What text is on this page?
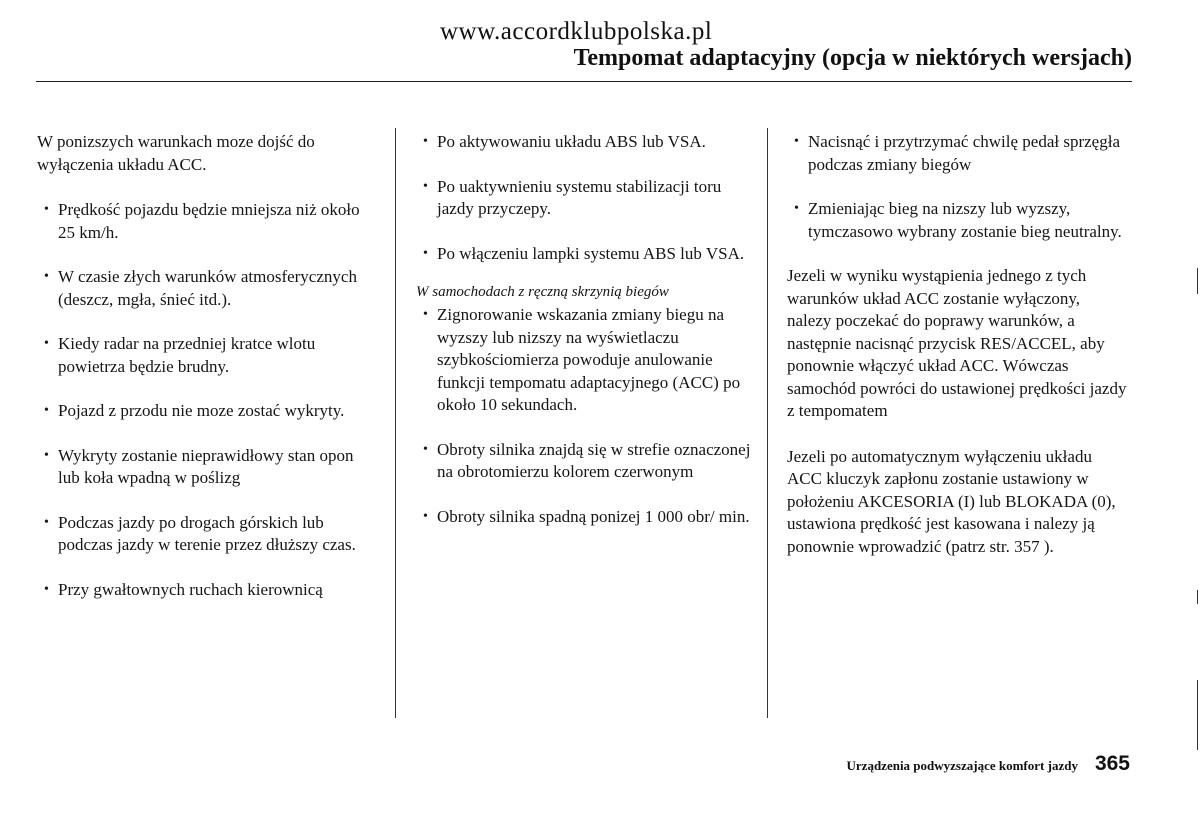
www.accordklubpolska.pl
Tempomat adaptacyjny (opcja w niektórych wersjach)

W ponizszych warunkach moze dojść do wyłączenia układu ACC.

• Prędkość pojazdu będzie mniejsza niż około 25 km/h.
• W czasie złych warunków atmosferycznych (deszcz, mgła, śnieć itd.).
• Kiedy radar na przedniej kratce wlotu powietrza będzie brudny.
• Pojazd z przodu nie moze zostać wykryty.
• Wykryty zostanie nieprawidłowy stan opon lub koła wpadną w poślizg
• Podczas jazdy po drogach górskich lub podczas jazdy w terenie przez dłuższy czas.
• Przy gwałtownych ruchach kierownicą
• Po aktywowaniu układu ABS lub VSA.
• Po uaktywnieniu systemu stabilizacji toru jazdy przyczepy.
• Po włączeniu lampki systemu ABS lub VSA.

W samochodach z ręczną skrzynią biegów

• Zignorowanie wskazania zmiany biegu na wyzszy lub nizszy na wyświetlaczu szybkościomierza powoduje anulowanie funkcji tempomatu adaptacyjnego (ACC) po około 10 sekundach.
• Obroty silnika znajdą się w strefie oznaczonej na obrotomierzu kolorem czerwonym
• Obroty silnika spadną ponizej 1 000 obr/ min.
• Nacisnąć i przytrzymać chwilę pedał sprzęgła podczas zmiany biegów
• Zmieniając bieg na nizszy lub wyzszy, tymczasowo wybrany zostanie bieg neutralny.

Jezeli w wyniku wystąpienia jednego z tych warunków układ ACC zostanie wyłączony, nalezy poczekać do poprawy warunków, a następnie nacisnąć przycisk RES/ACCEL, aby ponownie włączyć układ ACC. Wówczas samochód powróci do ustawionej prędkości jazdy z tempomatem

Jezeli po automatycznym wyłączeniu układu ACC kluczyk zapłonu zostanie ustawiony w położeniu AKCESORIA (I) lub BLOKADA (0), ustawiona prędkość jest kasowana i nalezy ją ponownie wprowadzić (patrz str. 357 ).

Urządzenia podwyzszające komfort jazdy 365
